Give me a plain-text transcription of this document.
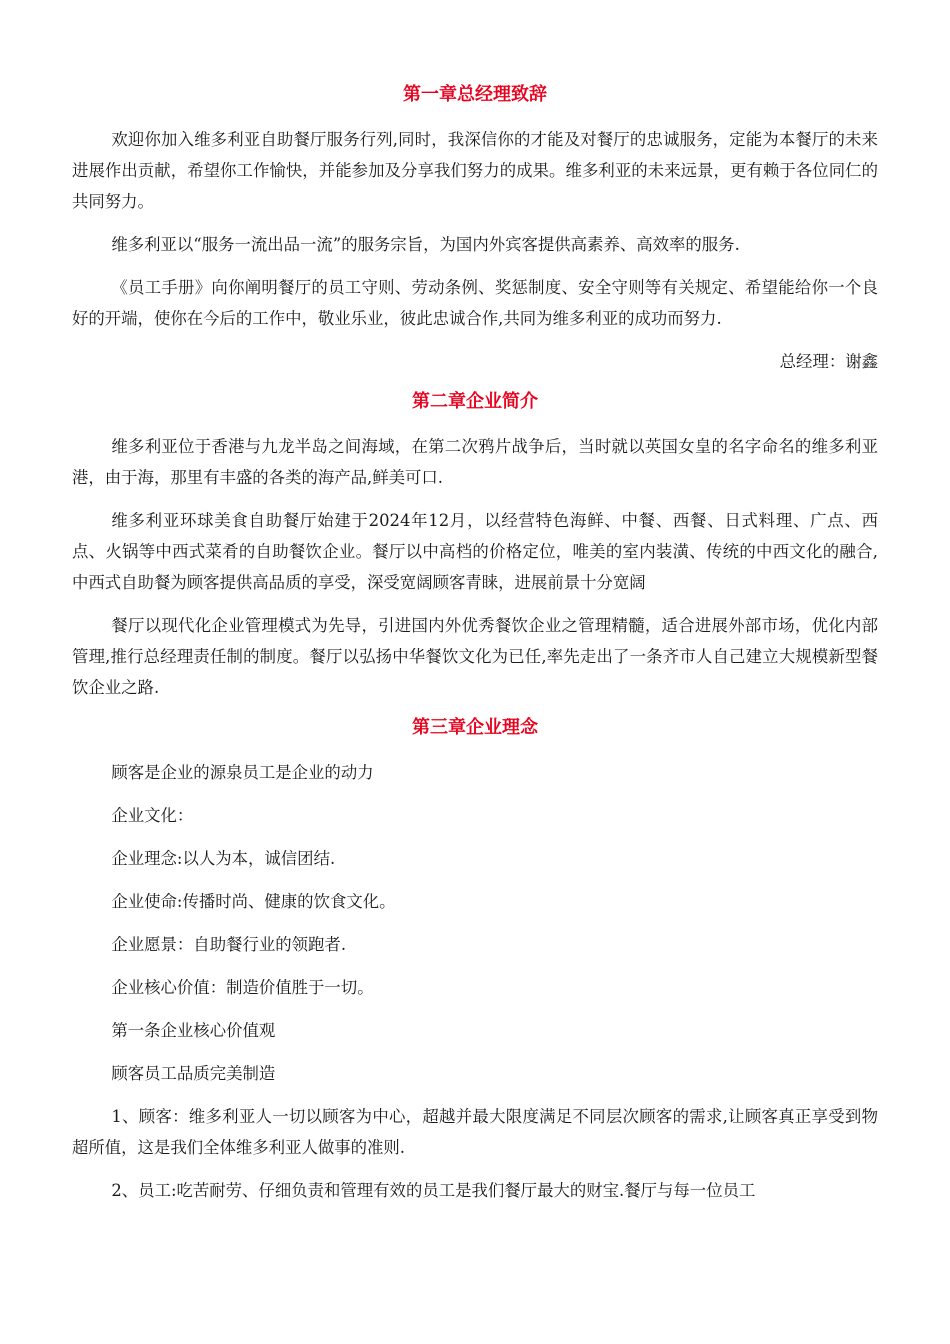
第一章总经理致辞

欢迎你加入维多利亚自助餐厅服务行列,同时，我深信你的才能及对餐厅的忠诚服务，定能为本餐厅的未来进展作出贡献，希望你工作愉快，并能参加及分享我们努力的成果。维多利亚的未来远景，更有赖于各位同仁的共同努力。

维多利亚以“服务一流出品一流”的服务宗旨，为国内外宾客提供高素养、高效率的服务.

《员工手册》向你阐明餐厅的员工守则、劳动条例、奖惩制度、安全守则等有关规定、希望能给你一个良好的开端，使你在今后的工作中，敬业乐业，彼此忠诚合作,共同为维多利亚的成功而努力.

总经理：谢鑫

第二章企业简介

维多利亚位于香港与九龙半岛之间海域，在第二次鸦片战争后，当时就以英国女皇的名字命名的维多利亚港，由于海，那里有丰盛的各类的海产品,鲜美可口.

维多利亚环球美食自助餐厅始建于2024年12月，以经营特色海鲜、中餐、西餐、日式料理、广点、西点、火锅等中西式菜肴的自助餐饮企业。餐厅以中高档的价格定位，唯美的室内装潢、传统的中西文化的融合,中西式自助餐为顾客提供高品质的享受，深受宽阔顾客青睐，进展前景十分宽阔

餐厅以现代化企业管理模式为先导，引进国内外优秀餐饮企业之管理精髓，适合进展外部市场，优化内部管理,推行总经理责任制的制度。餐厅以弘扬中华餐饮文化为已任,率先走出了一条齐市人自己建立大规模新型餐饮企业之路.

第三章企业理念

顾客是企业的源泉员工是企业的动力

企业文化：

企业理念:以人为本，诚信团结.

企业使命:传播时尚、健康的饮食文化。

企业愿景：自助餐行业的领跑者.

企业核心价值：制造价值胜于一切。

第一条企业核心价值观

顾客员工品质完美制造

1、顾客：维多利亚人一切以顾客为中心，超越并最大限度满足不同层次顾客的需求,让顾客真正享受到物超所值，这是我们全体维多利亚人做事的准则.

2、员工:吃苦耐劳、仔细负责和管理有效的员工是我们餐厅最大的财宝.餐厅与每一位员工
